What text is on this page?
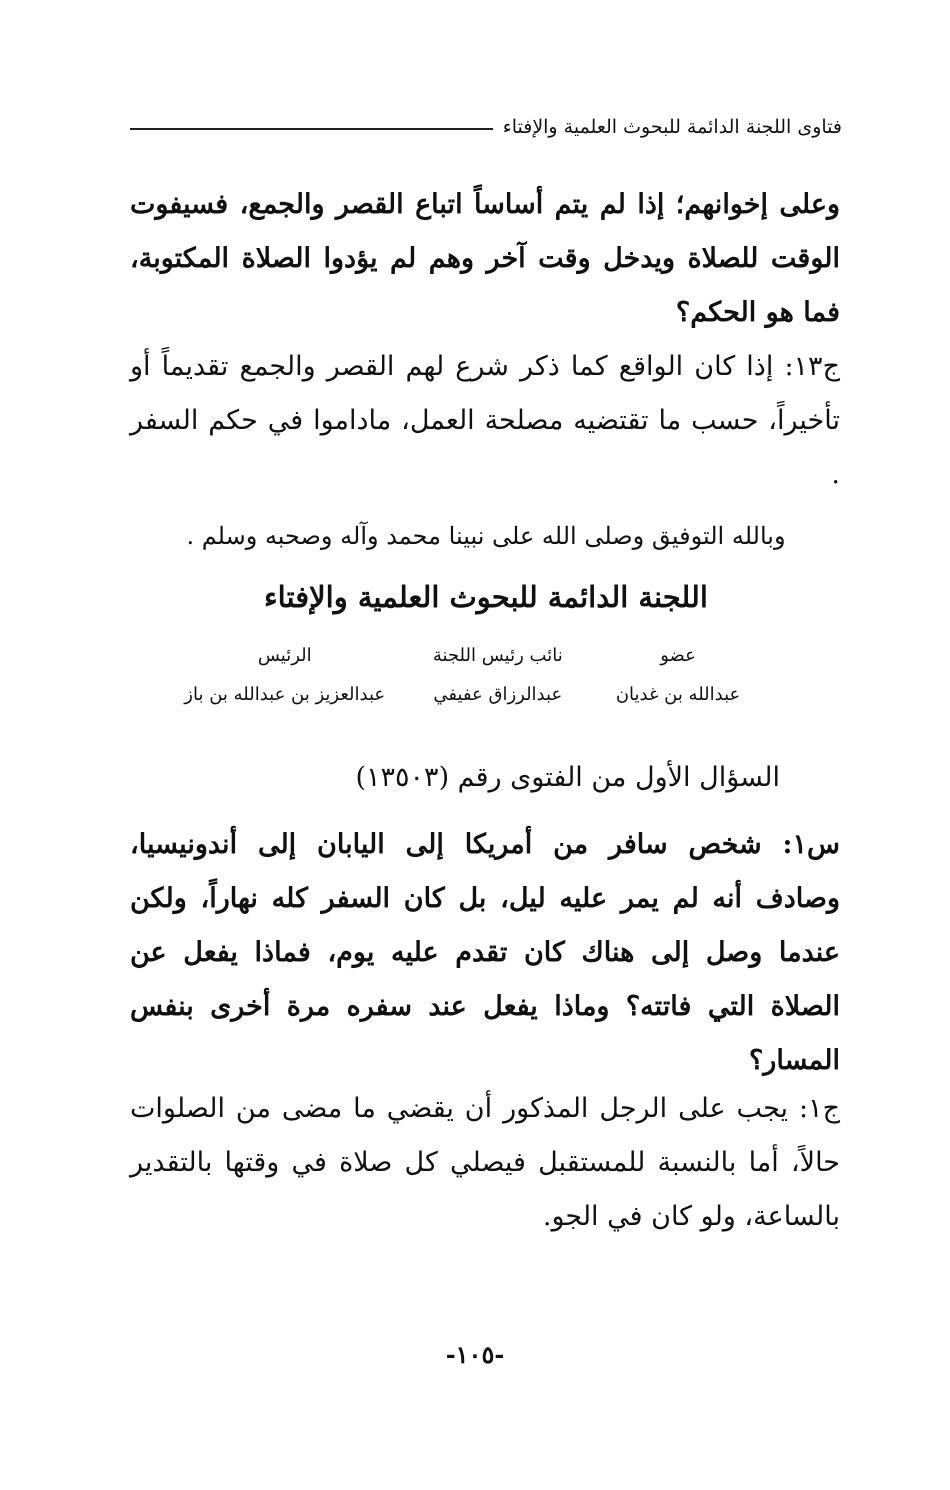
فتاوى اللجنة الدائمة للبحوث العلمية والإفتاء

وعلى إخوانهم؛ إذا لم يتم أساساً اتباع القصر والجمع، فسيفوت الوقت للصلاة ويدخل وقت آخر وهم لم يؤدوا الصلاة المكتوبة، فما هو الحكم؟

ج١٣: إذا كان الواقع كما ذكر شرع لهم القصر والجمع تقديماً أو تأخيراً، حسب ما تقتضيه مصلحة العمل، ماداموا في حكم السفر .

وبالله التوفيق وصلى الله على نبينا محمد وآله وصحبه وسلم .
اللجنة الدائمة للبحوث العلمية والإفتاء
عضو
نائب رئيس اللجنة
الرئيس
عبدالله بن غديان
عبدالرزاق عفيفي
عبدالعزيز بن عبدالله بن باز
السؤال الأول من الفتوى رقم (١٣٥٠٣)

س١: شخص سافر من أمريكا إلى اليابان إلى أندونيسيا، وصادف أنه لم يمر عليه ليل، بل كان السفر كله نهاراً، ولكن عندما وصل إلى هناك كان تقدم عليه يوم، فماذا يفعل عن الصلاة التي فاتته؟ وماذا يفعل عند سفره مرة أخرى بنفس المسار؟

ج١: يجب على الرجل المذكور أن يقضي ما مضى من الصلوات حالاً، أما بالنسبة للمستقبل فيصلي كل صلاة في وقتها بالتقدير بالساعة، ولو كان في الجو.

-١٠٥-
